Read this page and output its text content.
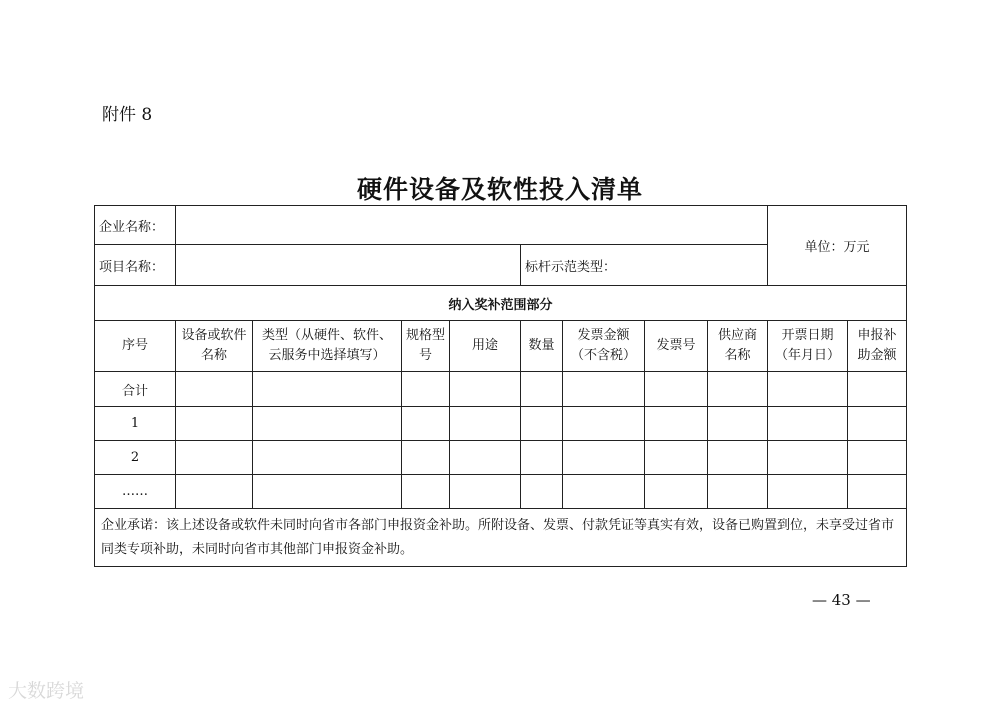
附件 8
硬件设备及软性投入清单
企业名称：									单位：万元	
项目名称：					标杆示范类型：					
纳入奖补范围部分										
序号	设备或软件名称	类型（从硬件、软件、云服务中选择填写）	规格型号	用途	数量	发票金额（不含税）	发票号	供应商名称	开票日期（年月日）	申报补助金额
合计										
1										
2										
……										
企业承诺：该上述设备或软件未同时向省市各部门申报资金补助。所附设备、发票、付款凭证等真实有效，设备已购置到位，未享受过省市同类专项补助，未同时向省市其他部门申报资金补助。										
— 43 —
大数跨境
